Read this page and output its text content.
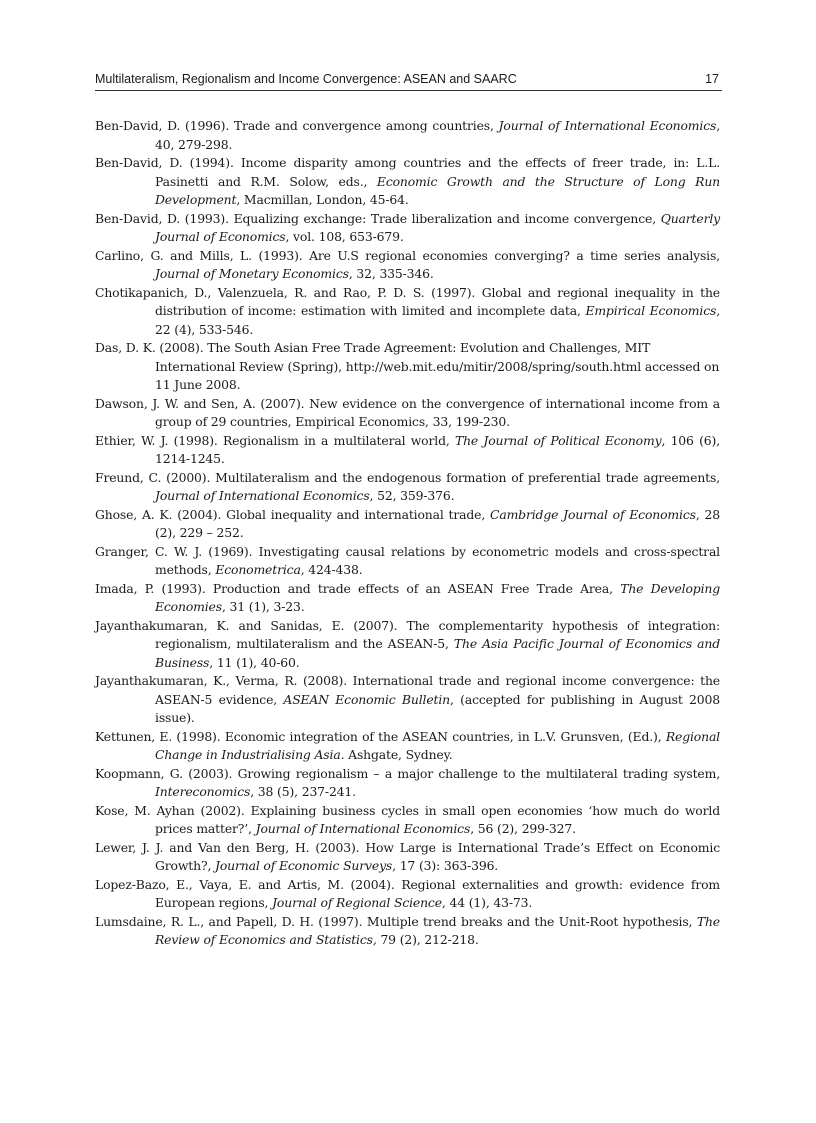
Multilateralism, Regionalism and Income Convergence: ASEAN and SAARC	17
Ben-David, D. (1996). Trade and convergence among countries, Journal of International Economics, 40, 279-298.
Ben-David, D. (1994). Income disparity among countries and the effects of freer trade, in: L.L. Pasinetti and R.M. Solow, eds., Economic Growth and the Structure of Long Run Development, Macmillan, London, 45-64.
Ben-David, D. (1993). Equalizing exchange: Trade liberalization and income convergence, Quarterly Journal of Economics, vol. 108, 653-679.
Carlino, G. and Mills, L. (1993). Are U.S regional economies converging? a time series analysis, Journal of Monetary Economics, 32, 335-346.
Chotikapanich, D., Valenzuela, R. and Rao, P. D. S. (1997). Global and regional inequality in the distribution of income: estimation with limited and incomplete data, Empirical Economics, 22 (4), 533-546.
Das, D. K. (2008). The South Asian Free Trade Agreement: Evolution and Challenges, MIT International Review (Spring), http://web.mit.edu/mitir/2008/spring/south.html accessed on 11 June 2008.
Dawson, J. W. and Sen, A. (2007). New evidence on the convergence of international income from a group of 29 countries, Empirical Economics, 33, 199-230.
Ethier, W. J. (1998). Regionalism in a multilateral world, The Journal of Political Economy, 106 (6), 1214-1245.
Freund, C. (2000). Multilateralism and the endogenous formation of preferential trade agreements, Journal of International Economics, 52, 359-376.
Ghose, A. K. (2004). Global inequality and international trade, Cambridge Journal of Economics, 28 (2), 229 – 252.
Granger, C. W. J. (1969). Investigating causal relations by econometric models and cross-spectral methods, Econometrica, 424-438.
Imada, P. (1993). Production and trade effects of an ASEAN Free Trade Area, The Developing Economies, 31 (1), 3-23.
Jayanthakumaran, K. and Sanidas, E. (2007). The complementarity hypothesis of integration: regionalism, multilateralism and the ASEAN-5, The Asia Pacific Journal of Economics and Business, 11 (1), 40-60.
Jayanthakumaran, K., Verma, R. (2008). International trade and regional income convergence: the ASEAN-5 evidence, ASEAN Economic Bulletin, (accepted for publishing in August 2008 issue).
Kettunen, E. (1998). Economic integration of the ASEAN countries, in L.V. Grunsven, (Ed.), Regional Change in Industrialising Asia. Ashgate, Sydney.
Koopmann, G. (2003). Growing regionalism – a major challenge to the multilateral trading system, Intereconomics, 38 (5), 237-241.
Kose, M. Ayhan (2002). Explaining business cycles in small open economies ‘how much do world prices matter?’, Journal of International Economics, 56 (2), 299-327.
Lewer, J. J. and Van den Berg, H. (2003). How Large is International Trade’s Effect on Economic Growth?, Journal of Economic Surveys, 17 (3): 363-396.
Lopez-Bazo, E., Vaya, E. and Artis, M. (2004). Regional externalities and growth: evidence from European regions, Journal of Regional Science, 44 (1), 43-73.
Lumsdaine, R. L., and Papell, D. H. (1997). Multiple trend breaks and the Unit-Root hypothesis, The Review of Economics and Statistics, 79 (2), 212-218.
